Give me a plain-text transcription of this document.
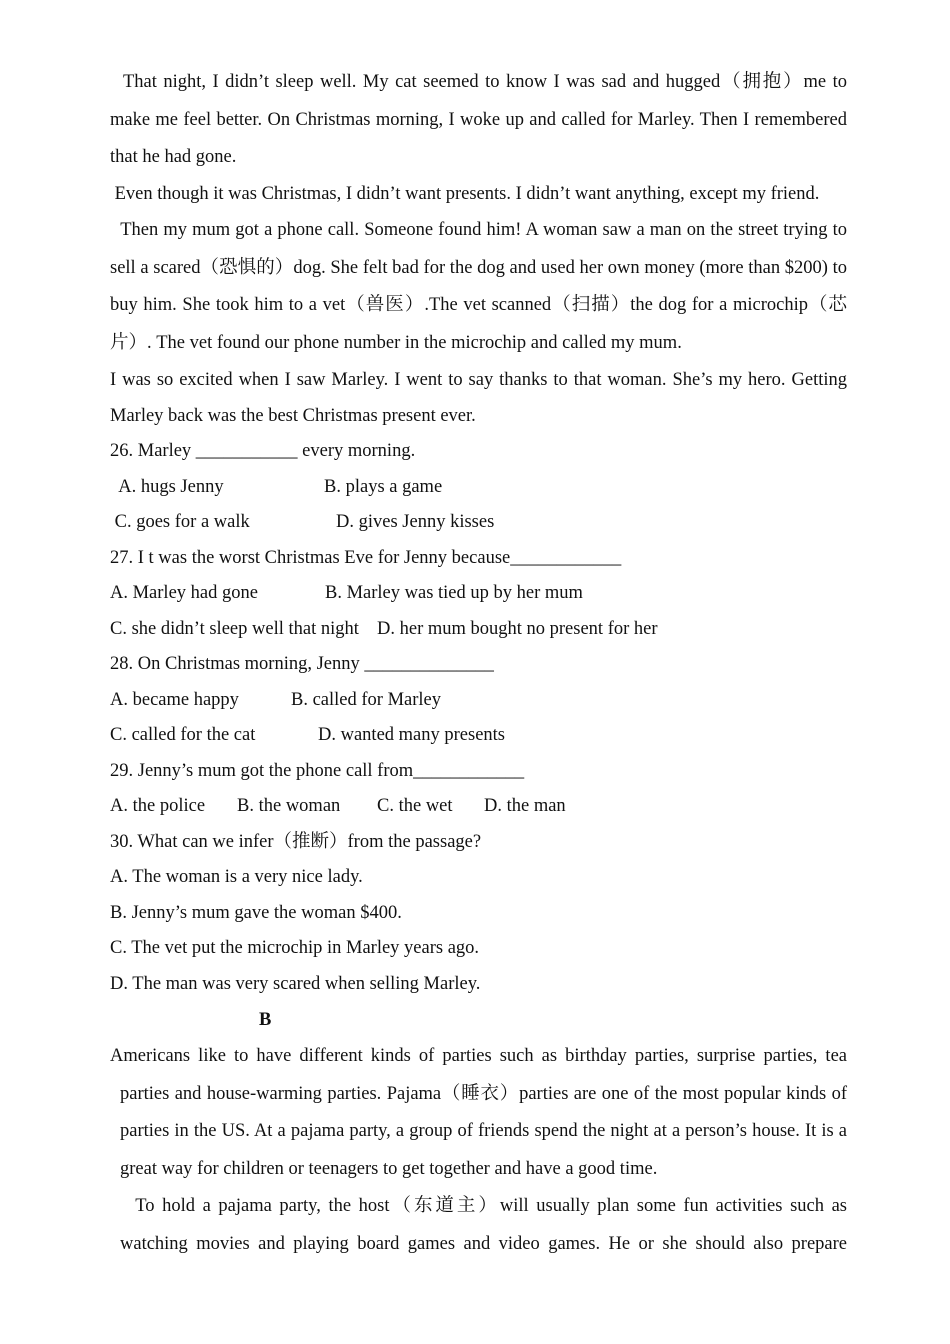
That night, I didn’t sleep well. My cat seemed to know I was sad and hugged（拥抱）me to make me feel better. On Christmas morning, I woke up and called for Marley. Then I remembered that he had gone.

Even though it was Christmas, I didn’t want presents. I didn’t want anything, except my friend.

Then my mum got a phone call. Someone found him! A woman saw a man on the street trying to sell a scared（恐惧的）dog. She felt bad for the dog and used her own money (more than $200) to buy him. She took him to a vet（兽医）.The vet scanned（扫描）the dog for a microchip（芯片）. The vet found our phone number in the microchip and called my mum.

I was so excited when I saw Marley. I went to say thanks to that woman. She’s my hero. Getting Marley back was the best Christmas present ever.

26. Marley ___________ every morning.

A. hugs Jenny	B. plays a game
C. goes for a walk	D. gives Jenny kisses

27. I t was the worst Christmas Eve for Jenny because____________

A. Marley had gone	B. Marley was tied up by her mum
C. she didn’t sleep well that night D. her mum bought no present for her

28. On Christmas morning, Jenny ______________

A. became happy	B. called for Marley
C. called for the cat	D. wanted many presents

29. Jenny’s mum got the phone call from____________

A. the police B. the woman C. the wet D. the man

30. What can we infer（推断）from the passage?

A. The woman is a very nice lady.

B. Jenny’s mum gave the woman $400.

C. The vet put the microchip in Marley years ago.

D. The man was very scared when selling Marley.

B

Americans like to have different kinds of parties such as birthday parties, surprise parties, tea parties and house-warming parties. Pajama（睡衣）parties are one of the most popular kinds of parties in the US. At a pajama party, a group of friends spend the night at a person’s house. It is a great way for children or teenagers to get together and have a good time.

To hold a pajama party, the host（东道主）will usually plan some fun activities such as watching movies and playing board games and video games. He or she should also prepare
